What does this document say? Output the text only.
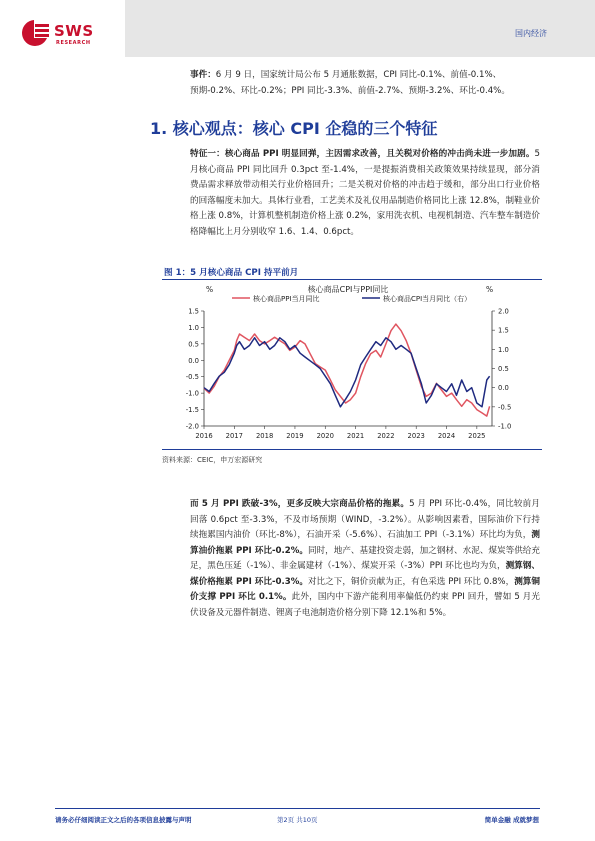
SWS
RESEARCH
国内经济

事件：6 月 9 日，国家统计局公布 5 月通胀数据，CPI 同比-0.1%、前值-0.1%、

预期-0.2%、环比-0.2%；PPI 同比-3.3%、前值-2.7%、预期-3.2%、环比-0.4%。

1. 核心观点：核心 CPI 企稳的三个特征

特征一：核心商品 PPI 明显回弹，主因需求改善，且关税对价格的冲击尚未进一步加剧。5 月核心商品 PPI 同比回升 0.3pct 至-1.4%，一是提振消费相关政策效果持续显现，部分消费品需求释放带动相关行业价格回升；二是关税对价格的冲击趋于缓和，部分出口行业价格的回落幅度未加大。具体行业看，工艺美术及礼仪用品制造价格同比上涨 12.8%，制鞋业价格上涨 0.8%，计算机整机制造价格上涨 0.2%，家用洗衣机、电视机制造、汽车整车制造价格降幅比上月分别收窄 1.6、1.4、0.6pct。

图 1：5 月核心商品 CPI 持平前月
核心商品CPI与PPI同比
%	%
核心商品PPI当月同比	核心商品CPI当月同比（右）
1.5
1.0
0.5
0.0
-0.5
-1.0
-1.5
-2.0
2.0
1.5
1.0
0.5
0.0
-0.5
-1.0
2016 2017 2018 2019 2020 2021 2022 2023 2024 2025
资料来源：CEIC，申万宏源研究

而 5 月 PPI 跌破-3%，更多反映大宗商品价格的拖累。5 月 PPI 环比-0.4%，同比较前月回落 0.6pct 至-3.3%，不及市场预期（WIND，-3.2%）。从影响因素看，国际油价下行持续拖累国内油价（环比-8%），石油开采（-5.6%）、石油加工 PPI（-3.1%）环比均为负，测算油价拖累 PPI 环比-0.2%。同时，地产、基建投资走弱，加之钢材、水泥、煤炭等供给充足，黑色压延（-1%）、非金属建材（-1%）、煤炭开采（-3%）PPI 环比也均为负，测算钢、煤价格拖累 PPI 环比-0.3%。对比之下，铜价贡献为正，有色采选 PPI 环比 0.8%，测算铜价支撑 PPI 环比 0.1%。此外，国内中下游产能利用率偏低仍约束 PPI 回升，譬如 5 月光伏设备及元器件制造、锂离子电池制造价格分别下降 12.1%和 5%。

请务必仔细阅读正文之后的各项信息披露与声明	第2页 共10页	简单金融 成就梦想
